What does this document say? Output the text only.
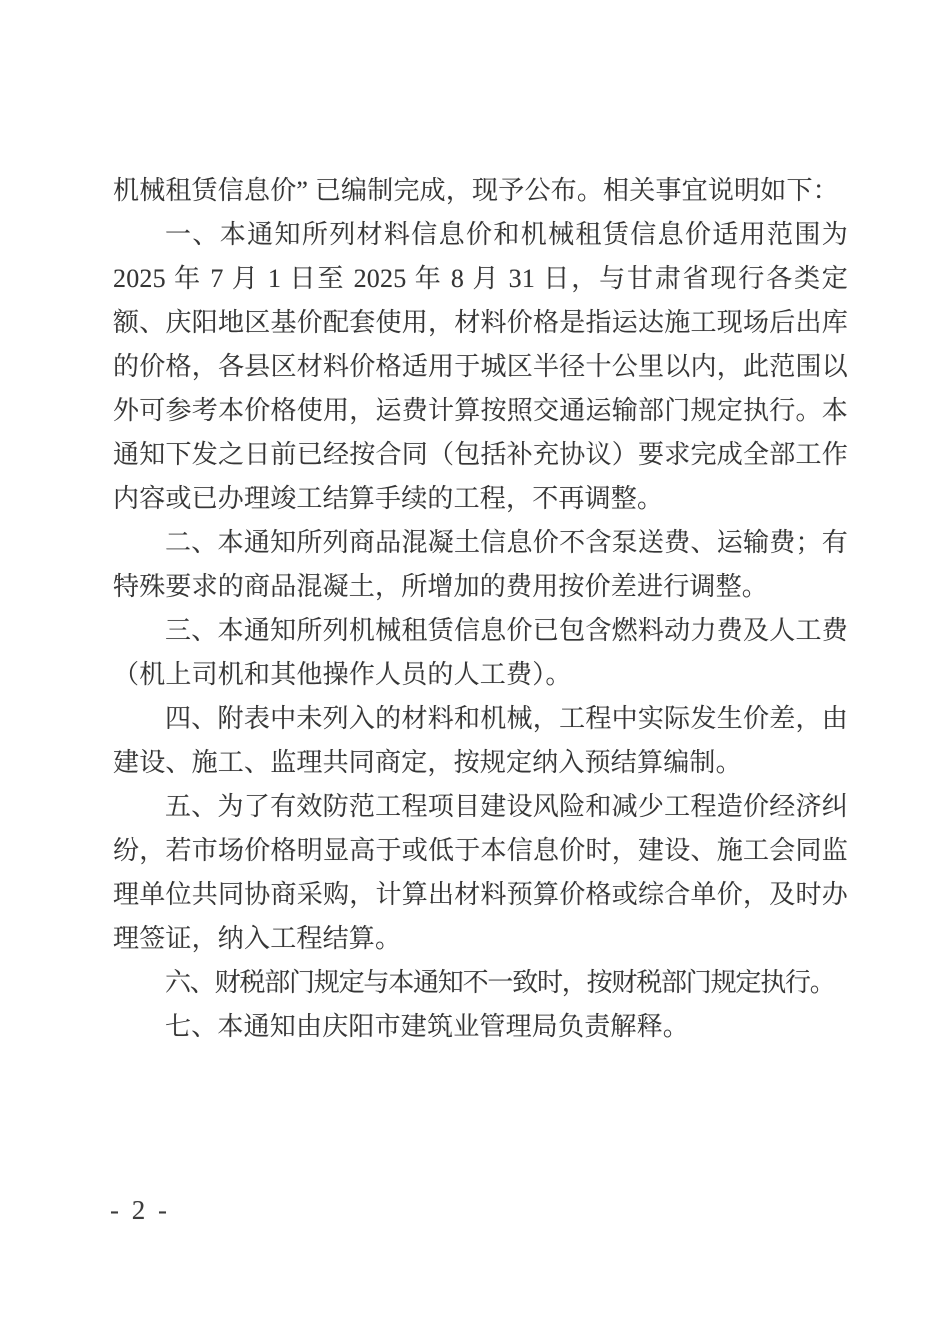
机械租赁信息价” 已编制完成，现予公布。相关事宜说明如下：

一、本通知所列材料信息价和机械租赁信息价适用范围为 2025 年 7 月 1 日至 2025 年 8 月 31 日，与甘肃省现行各类定额、庆阳地区基价配套使用，材料价格是指运达施工现场后出库的价格，各县区材料价格适用于城区半径十公里以内，此范围以外可参考本价格使用，运费计算按照交通运输部门规定执行。本通知下发之日前已经按合同（包括补充协议）要求完成全部工作内容或已办理竣工结算手续的工程，不再调整。

二、本通知所列商品混凝土信息价不含泵送费、运输费；有特殊要求的商品混凝土，所增加的费用按价差进行调整。

三、本通知所列机械租赁信息价已包含燃料动力费及人工费（机上司机和其他操作人员的人工费）。

四、附表中未列入的材料和机械，工程中实际发生价差，由建设、施工、监理共同商定，按规定纳入预结算编制。

五、为了有效防范工程项目建设风险和减少工程造价经济纠纷，若市场价格明显高于或低于本信息价时，建设、施工会同监理单位共同协商采购，计算出材料预算价格或综合单价，及时办理签证，纳入工程结算。

六、财税部门规定与本通知不一致时，按财税部门规定执行。

七、本通知由庆阳市建筑业管理局负责解释。

- 2 -
